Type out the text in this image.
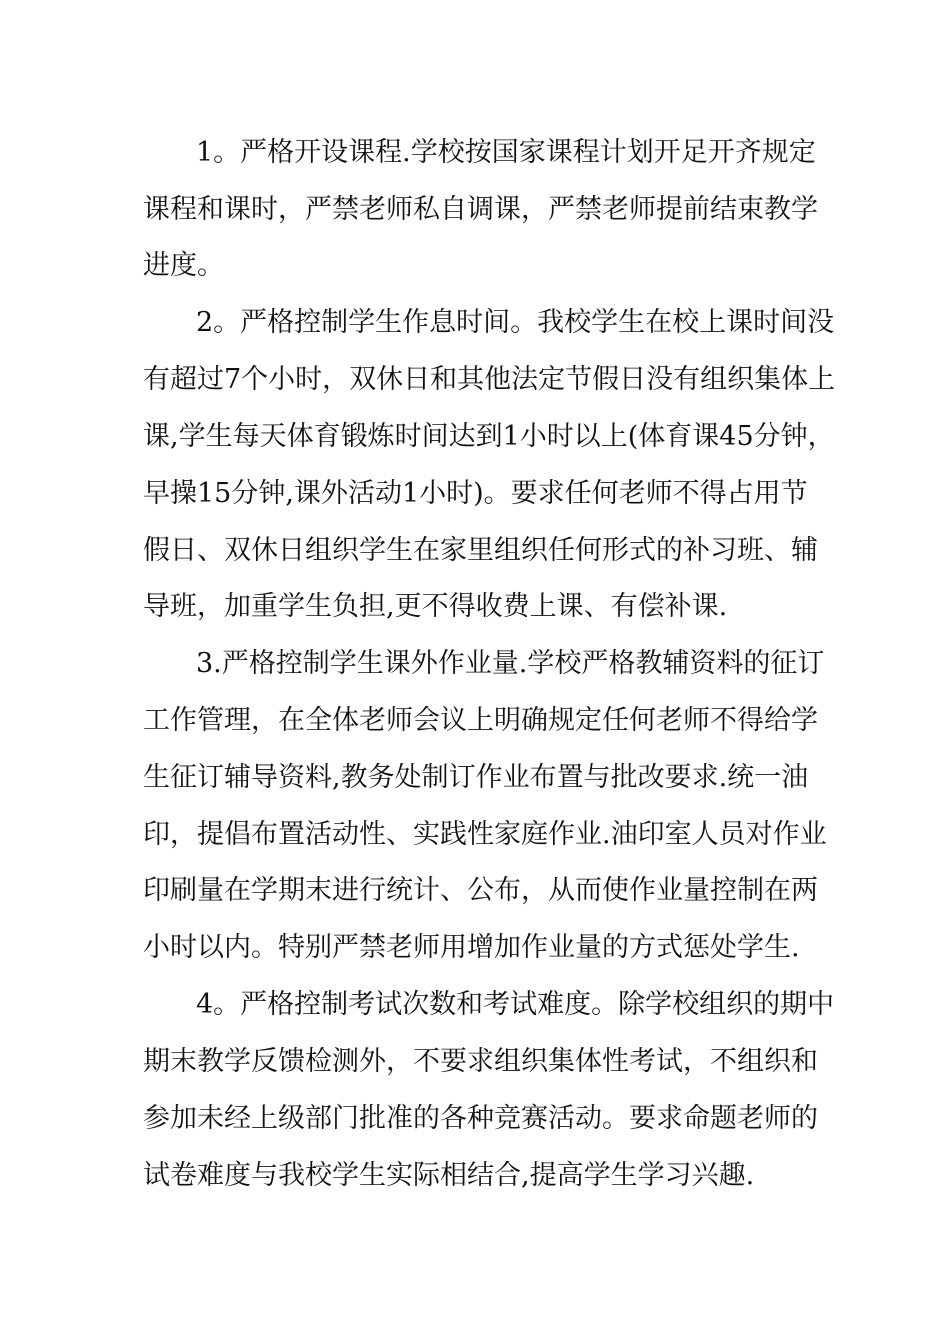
1。严格开设课程.学校按国家课程计划开足开齐规定

课程和课时，严禁老师私自调课，严禁老师提前结束教学

进度。

2。严格控制学生作息时间。我校学生在校上课时间没

有超过7个小时，双休日和其他法定节假日没有组织集体上

课,学生每天体育锻炼时间达到1小时以上(体育课45分钟，

早操15分钟,课外活动1小时)。要求任何老师不得占用节

假日、双休日组织学生在家里组织任何形式的补习班、辅

导班，加重学生负担,更不得收费上课、有偿补课.

3.严格控制学生课外作业量.学校严格教辅资料的征订

工作管理，在全体老师会议上明确规定任何老师不得给学

生征订辅导资料,教务处制订作业布置与批改要求.统一油

印，提倡布置活动性、实践性家庭作业.油印室人员对作业

印刷量在学期末进行统计、公布，从而使作业量控制在两

小时以内。特别严禁老师用增加作业量的方式惩处学生.

4。严格控制考试次数和考试难度。除学校组织的期中

期末教学反馈检测外，不要求组织集体性考试，不组织和

参加未经上级部门批准的各种竞赛活动。要求命题老师的

试卷难度与我校学生实际相结合,提高学生学习兴趣.
